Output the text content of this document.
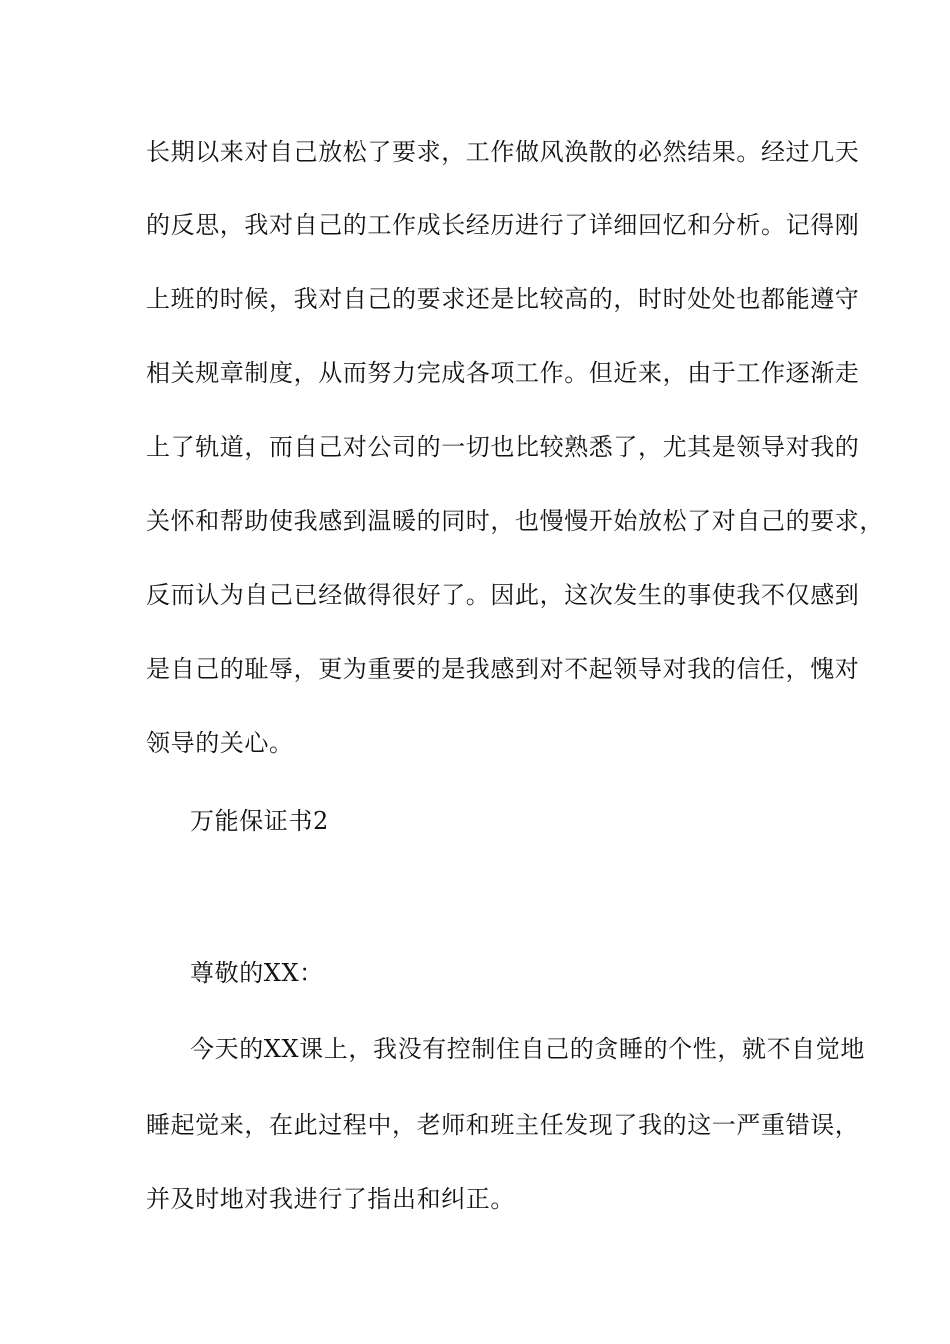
长期以来对自己放松了要求，工作做风涣散的必然结果。经过几天
的反思，我对自己的工作成长经历进行了详细回忆和分析。记得刚
上班的时候，我对自己的要求还是比较高的，时时处处也都能遵守
相关规章制度，从而努力完成各项工作。但近来，由于工作逐渐走
上了轨道，而自己对公司的一切也比较熟悉了，尤其是领导对我的
关怀和帮助使我感到温暖的同时，也慢慢开始放松了对自己的要求，
反而认为自己已经做得很好了。因此，这次发生的事使我不仅感到
是自己的耻辱，更为重要的是我感到对不起领导对我的信任，愧对
领导的关心。
万能保证书2
尊敬的XX：
今天的XX课上，我没有控制住自己的贪睡的个性，就不自觉地
睡起觉来，在此过程中，老师和班主任发现了我的这一严重错误，
并及时地对我进行了指出和纠正。
